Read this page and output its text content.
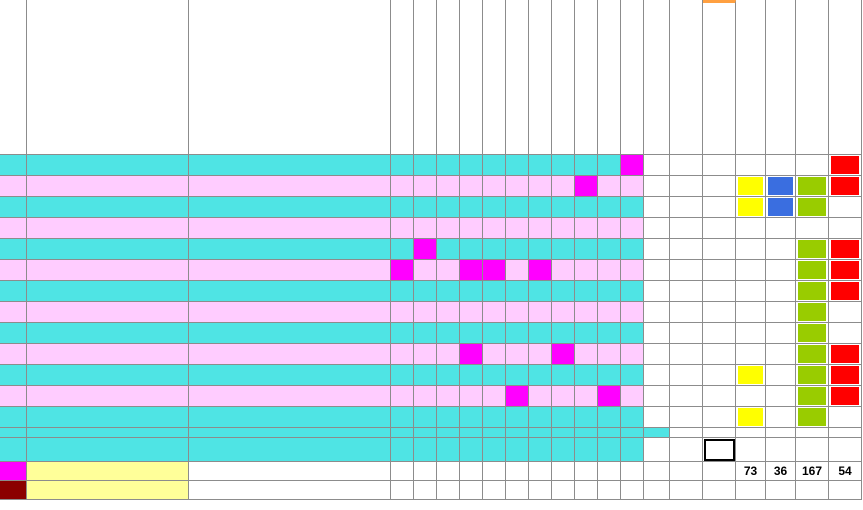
73	36	167	54
